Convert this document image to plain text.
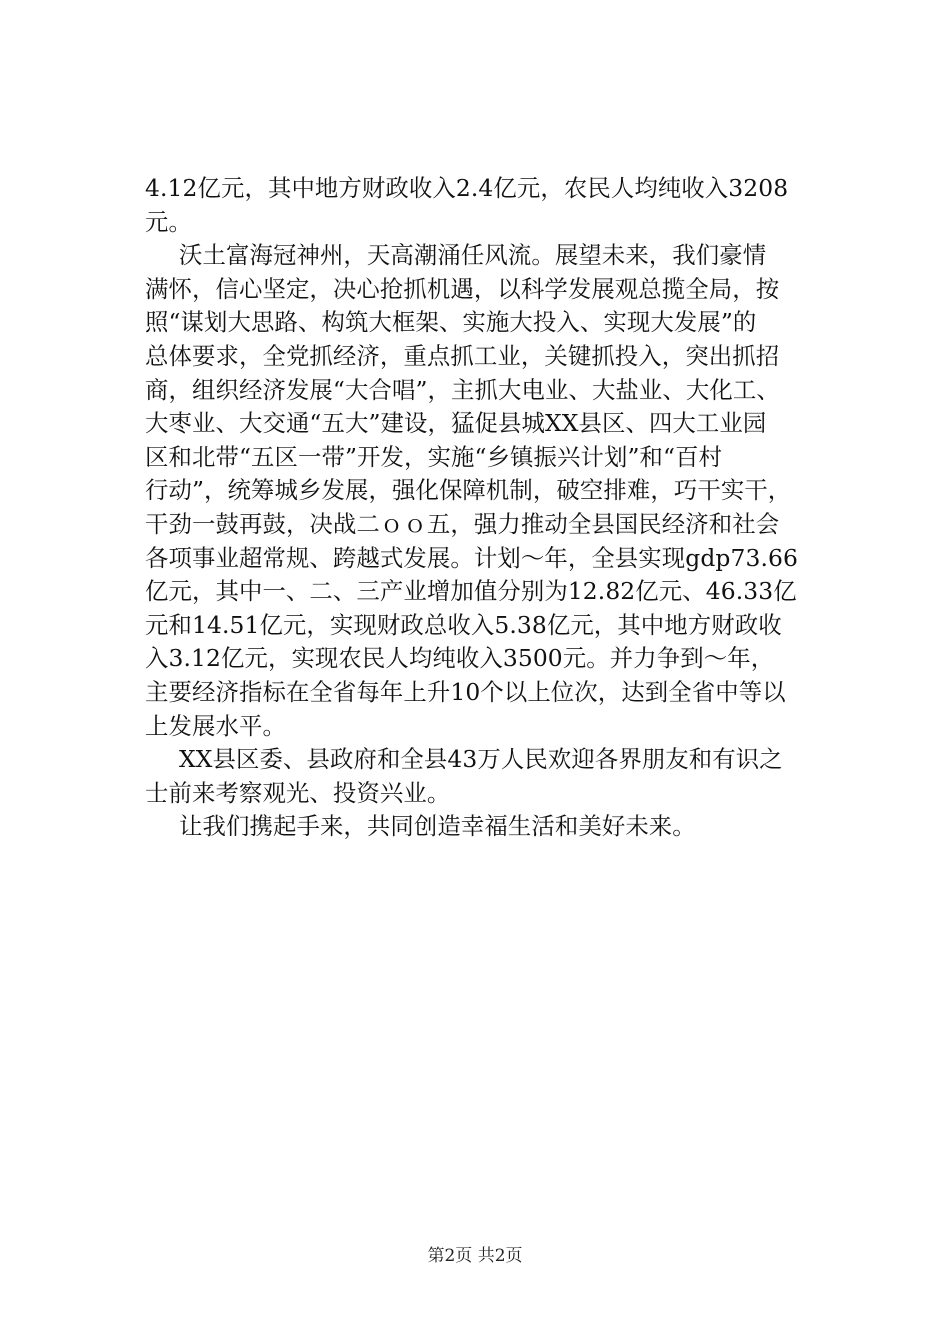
4.12亿元，其中地方财政收入2.4亿元，农民人均纯收入3208
元。
沃土富海冠神州，天高潮涌任风流。展望未来，我们豪情
满怀，信心坚定，决心抢抓机遇，以科学发展观总揽全局，按
照“谋划大思路、构筑大框架、实施大投入、实现大发展”的
总体要求，全党抓经济，重点抓工业，关键抓投入，突出抓招
商，组织经济发展“大合唱”，主抓大电业、大盐业、大化工、
大枣业、大交通“五大”建设，猛促县城XX县区、四大工业园
区和北带“五区一带”开发，实施“乡镇振兴计划”和“百村
行动”，统筹城乡发展，强化保障机制，破空排难，巧干实干，
干劲一鼓再鼓，决战二ｏｏ五，强力推动全县国民经济和社会
各项事业超常规、跨越式发展。计划～年，全县实现gdp73.66
亿元，其中一、二、三产业增加值分别为12.82亿元、46.33亿
元和14.51亿元，实现财政总收入5.38亿元，其中地方财政收
入3.12亿元，实现农民人均纯收入3500元。并力争到～年，
主要经济指标在全省每年上升10个以上位次，达到全省中等以
上发展水平。
XX县区委、县政府和全县43万人民欢迎各界朋友和有识之
士前来考察观光、投资兴业。
让我们携起手来，共同创造幸福生活和美好未来。
第2页 共2页
